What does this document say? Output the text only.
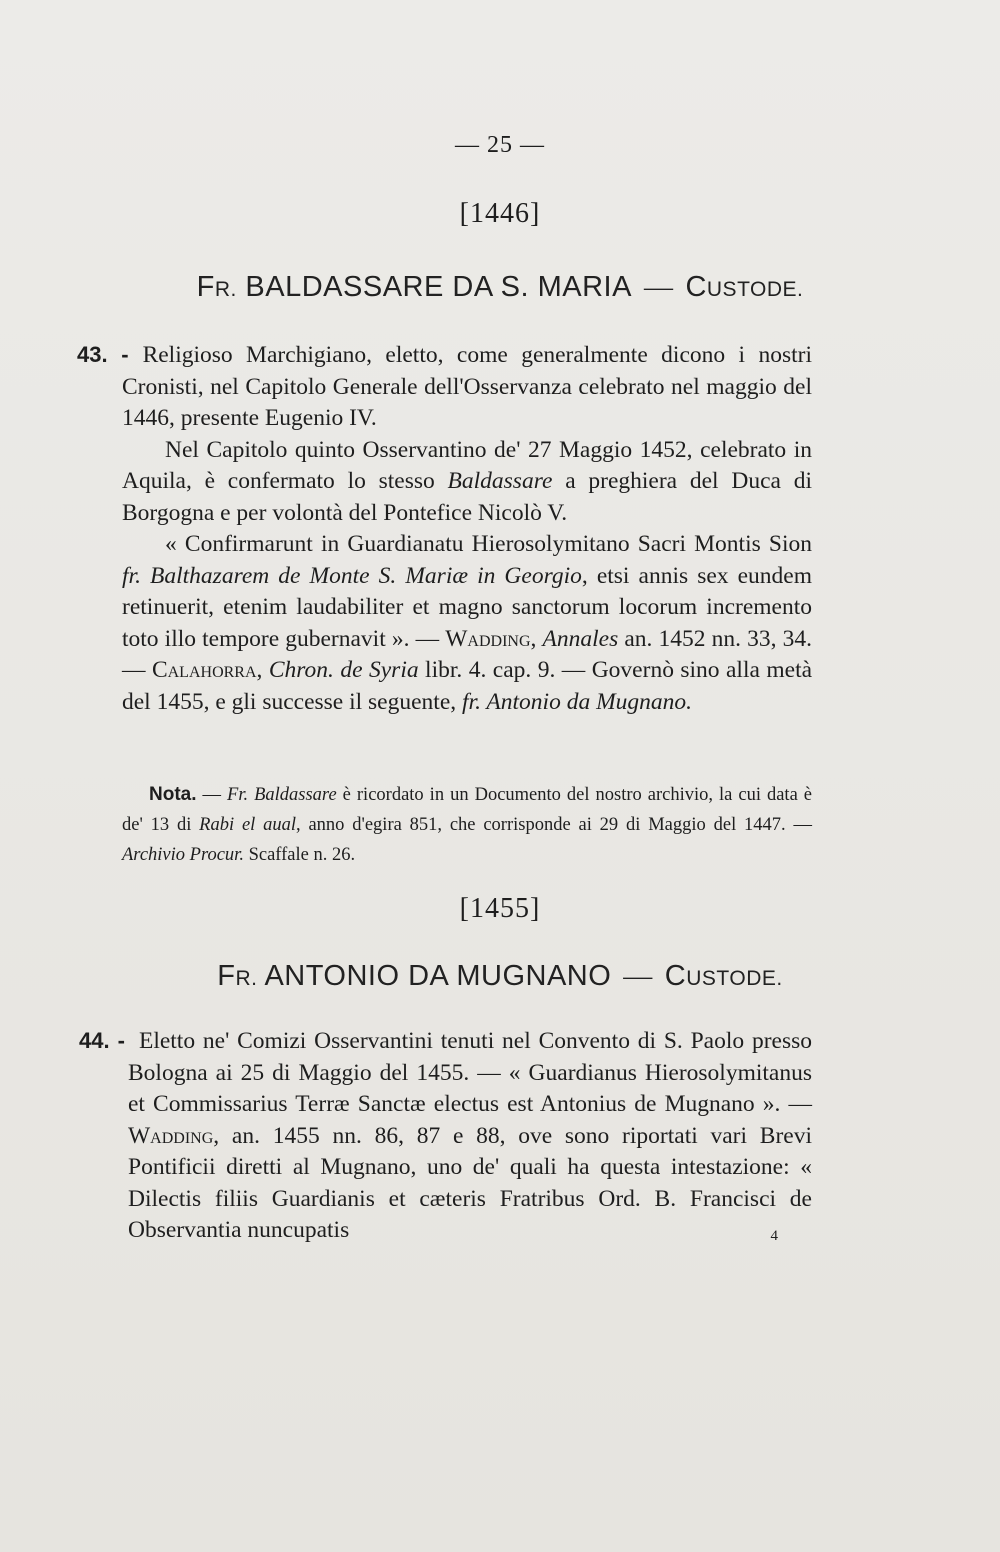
— 25 —
[1446]
FR. BALDASSARE DA S. MARIA — CUSTODE.

43. - Religioso Marchigiano, eletto, come generalmente dicono i nostri Cronisti, nel Capitolo Generale dell'Osservanza celebrato nel maggio del 1446, presente Eugenio IV.

Nel Capitolo quinto Osservantino de' 27 Maggio 1452, celebrato in Aquila, è confermato lo stesso Baldassare a preghiera del Duca di Borgogna e per volontà del Pontefice Nicolò V.

« Confirmarunt in Guardianatu Hierosolymitano Sacri Montis Sion fr. Balthazarem de Monte S. Mariæ in Georgio, etsi annis sex eundem retinuerit, etenim laudabiliter et magno sanctorum locorum incremento toto illo tempore gubernavit ». — Wadding, Annales an. 1452 nn. 33, 34. — Calahorra, Chron. de Syria libr. 4. cap. 9. — Governò sino alla metà del 1455, e gli successe il seguente, fr. Antonio da Mugnano.

Nota. — Fr. Baldassare è ricordato in un Documento del nostro archivio, la cui data è de' 13 di Rabi el aual, anno d'egira 851, che corrisponde ai 29 di Maggio del 1447. — Archivio Procur. Scaffale n. 26.
[1455]
FR. ANTONIO DA MUGNANO — CUSTODE.

44. - Eletto ne' Comizi Osservantini tenuti nel Convento di S. Paolo presso Bologna ai 25 di Maggio del 1455. — « Guardianus Hierosolymitanus et Commissarius Terræ Sanctæ electus est Antonius de Mugnano ». — Wadding, an. 1455 nn. 86, 87 e 88, ove sono riportati vari Brevi Pontificii diretti al Mugnano, uno de' quali ha questa intestazione: « Dilectis filiis Guardianis et cæteris Fratribus Ord. B. Francisci de Observantia nuncupatis	4
